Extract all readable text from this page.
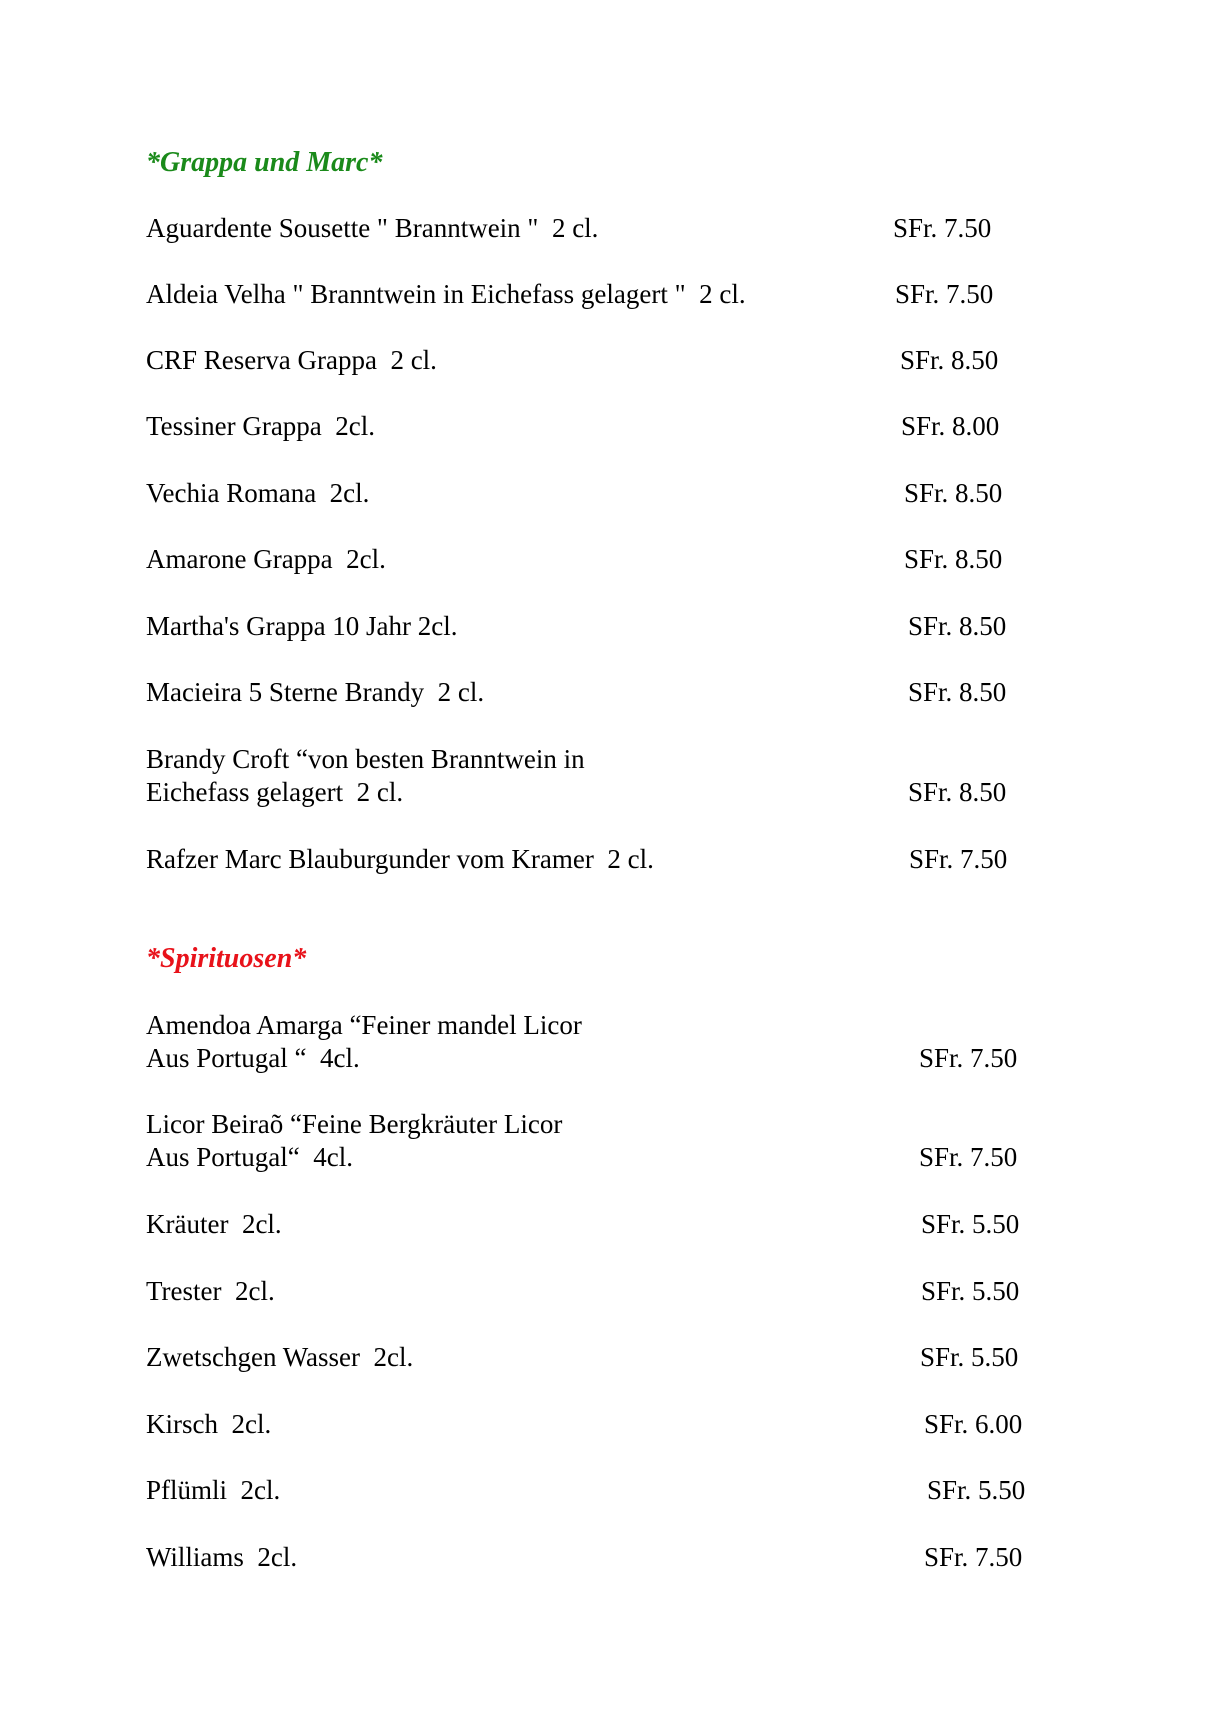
*Grappa und Marc*
Aguardente Sousette " Branntwein "  2 cl.	SFr. 7.50
Aldeia Velha " Branntwein in Eichefass gelagert "  2 cl.	SFr. 7.50
CRF Reserva Grappa  2 cl.	SFr. 8.50
Tessiner Grappa  2cl.	SFr. 8.00
Vechia Romana  2cl.	SFr. 8.50
Amarone Grappa  2cl.	SFr. 8.50
Martha's Grappa 10 Jahr 2cl.	SFr. 8.50
Macieira 5 Sterne Brandy  2 cl.	SFr. 8.50
Brandy Croft “von besten Branntwein in
Eichefass gelagert  2 cl.	SFr. 8.50
Rafzer Marc Blauburgunder vom Kramer  2 cl.	SFr. 7.50
*Spirituosen*
Amendoa Amarga “Feiner mandel Licor
Aus Portugal “  4cl.	SFr. 7.50
Licor Beiraõ “Feine Bergkräuter Licor
Aus Portugal“  4cl.	SFr. 7.50
Kräuter  2cl.	SFr. 5.50
Trester  2cl.	SFr. 5.50
Zwetschgen Wasser  2cl.	SFr. 5.50
Kirsch  2cl.	SFr. 6.00
Pflümli  2cl.	SFr. 5.50
Williams  2cl.	SFr. 7.50
